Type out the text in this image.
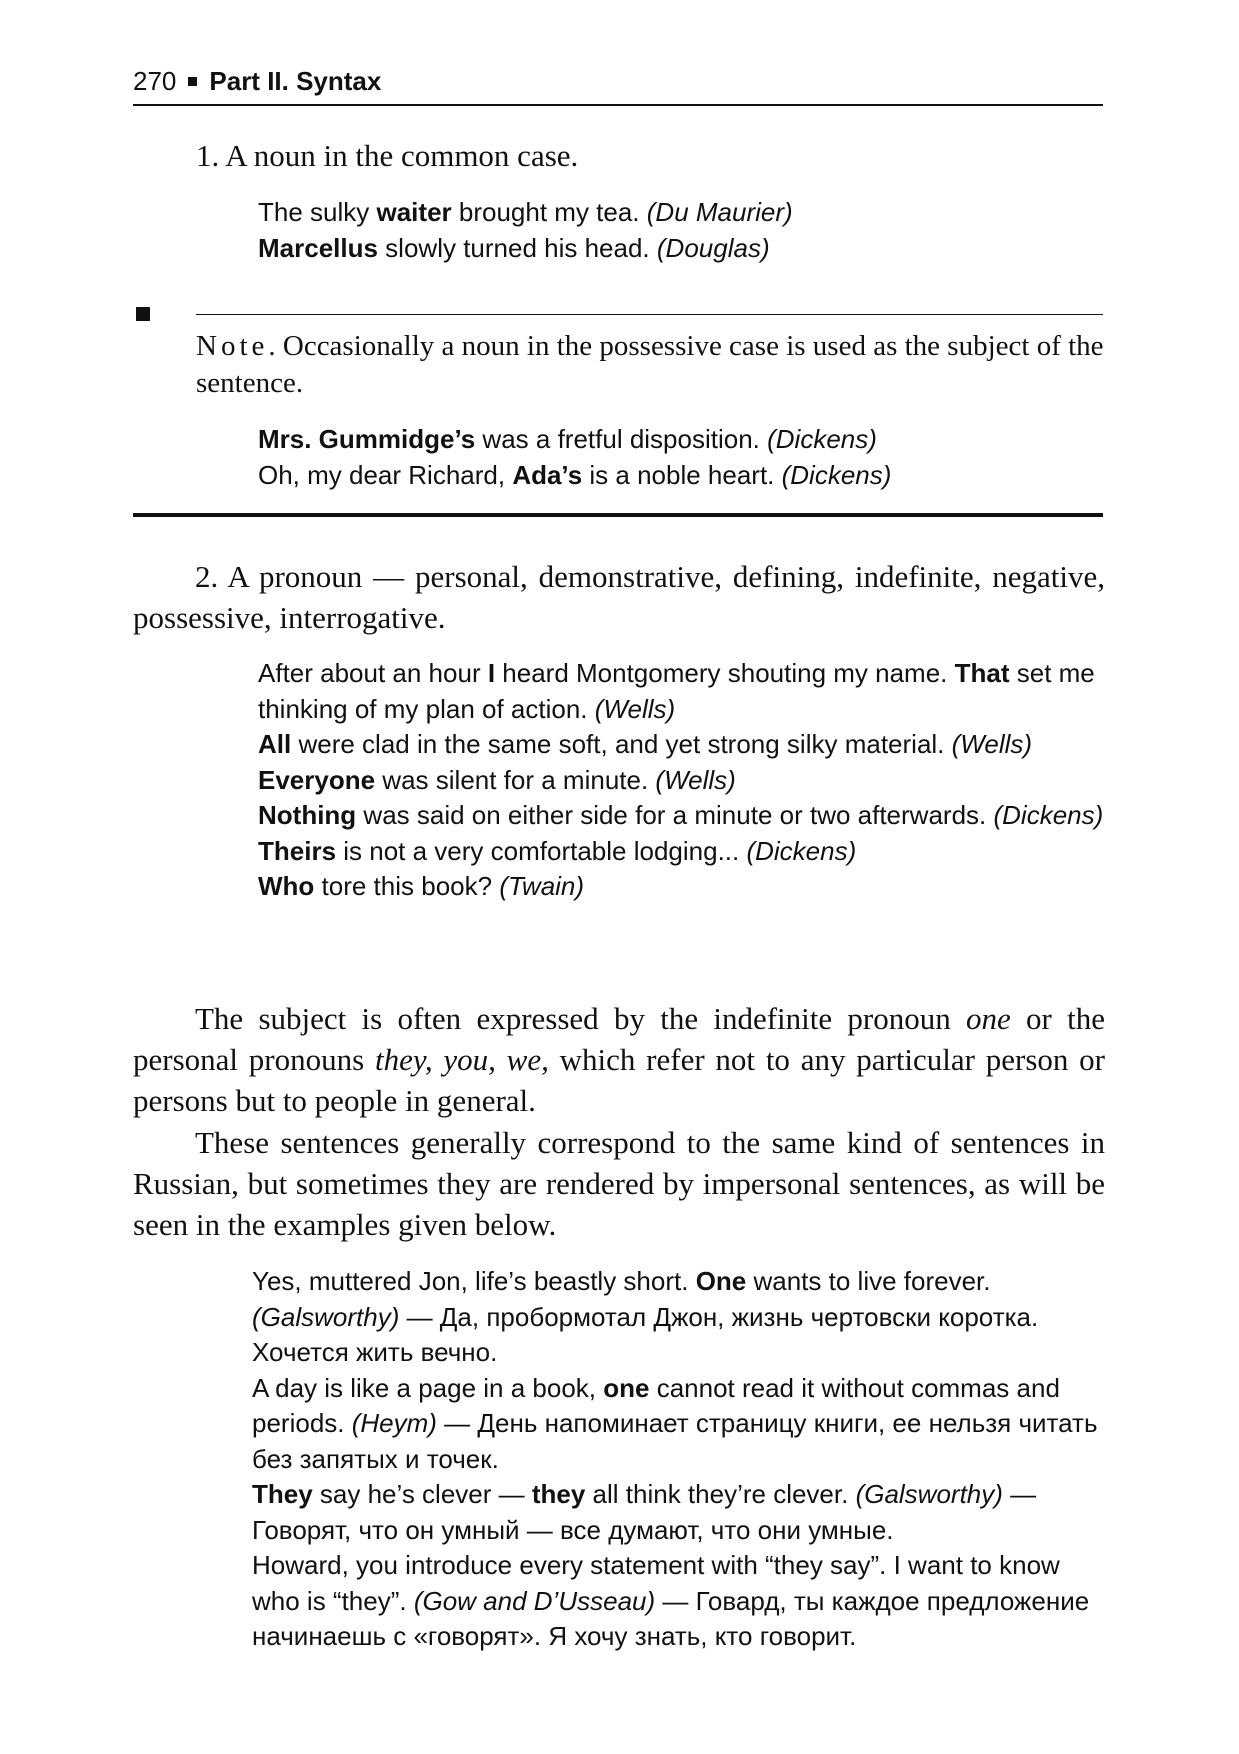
270 Part II. Syntax
1. A noun in the common case.

The sulky waiter brought my tea. (Du Maurier)

Marcellus slowly turned his head. (Douglas)

Note. Occasionally a noun in the possessive case is used as the subject of the sentence.

Mrs. Gummidge’s was a fretful disposition. (Dickens)

Oh, my dear Richard, Ada’s is a noble heart. (Dickens)

2. A pronoun — personal, demonstrative, defining, indefinite, negative, possessive, interrogative.

After about an hour I heard Montgomery shouting my name. That set me thinking of my plan of action. (Wells)

All were clad in the same soft, and yet strong silky material. (Wells)

Everyone was silent for a minute. (Wells)

Nothing was said on either side for a minute or two afterwards. (Dickens)

Theirs is not a very comfortable lodging... (Dickens)

Who tore this book? (Twain)

The subject is often expressed by the indefinite pronoun one or the personal pronouns they, you, we, which refer not to any particular person or persons but to people in general.
These sentences generally correspond to the same kind of sentences in Russian, but sometimes they are rendered by impersonal sentences, as will be seen in the examples given below.

Yes, muttered Jon, life’s beastly short. One wants to live forever. (Galsworthy) — Да, пробормотал Джон, жизнь чертовски коротка. Хочется жить вечно.

A day is like a page in a book, one cannot read it without commas and periods. (Heym) — День напоминает страницу книги, ее нельзя читать без запятых и точек.

They say he’s clever — they all think they’re clever. (Galsworthy) — Говорят, что он умный — все думают, что они умные.

Howard, you introduce every statement with “they say”. I want to know who is “they”. (Gow and D’Usseau) — Говард, ты каждое предложение начинаешь с «говорят». Я хочу знать, кто говорит.
